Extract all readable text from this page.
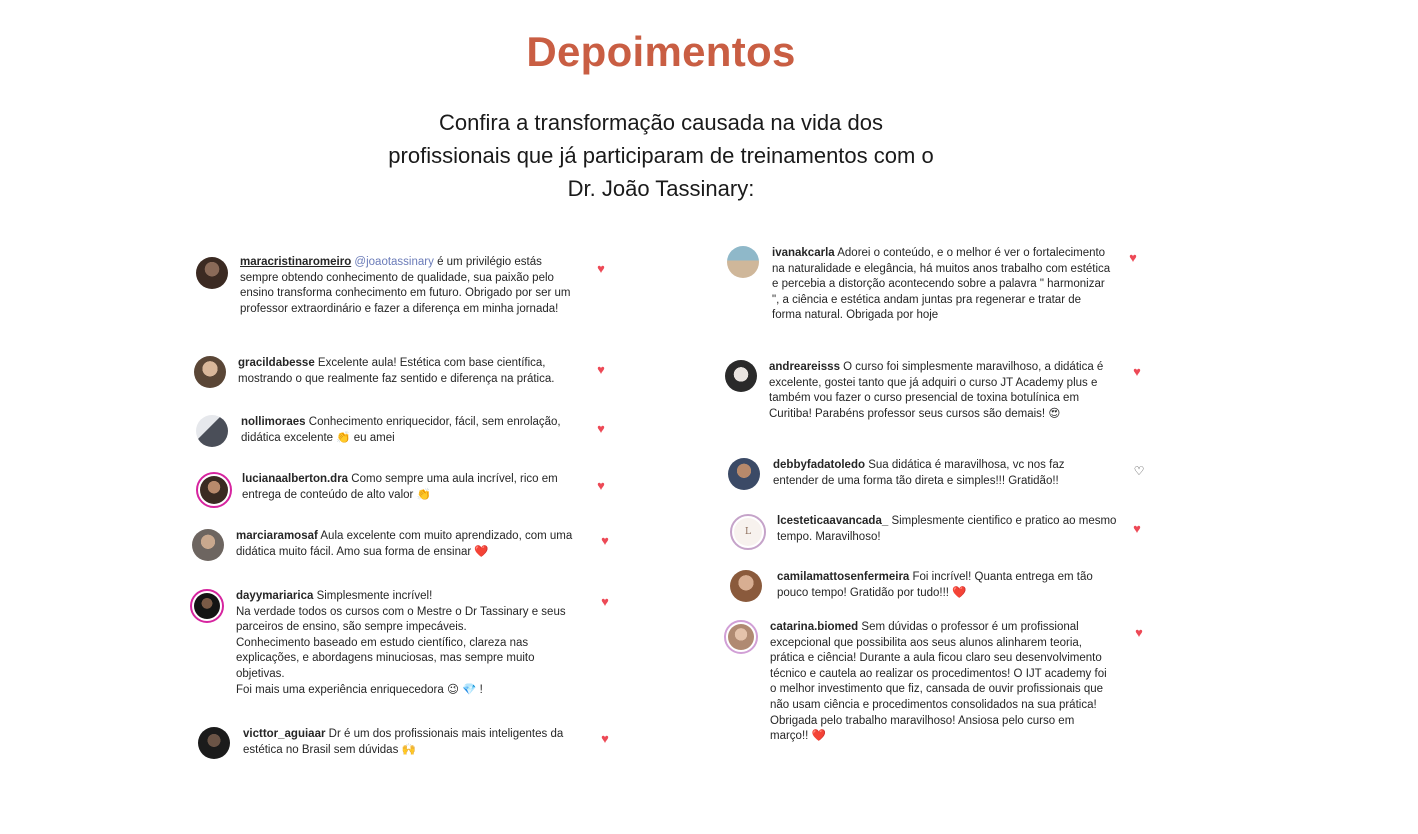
Depoimentos

Confira a transformação causada na vida dos profissionais que já participaram de treinamentos com o Dr. João Tassinary:

maracristinaromeiro @joaotassinary é um privilégio estás sempre obtendo conhecimento de qualidade, sua paixão pelo ensino transforma conhecimento em futuro. Obrigado por ser um professor extraordinário e fazer a diferença em minha jornada!
♥
gracildabesse Excelente aula! Estética com base científica, mostrando o que realmente faz sentido e diferença na prática.
♥
nollimoraes Conhecimento enriquecidor, fácil, sem enrolação, didática excelente 👏 eu amei
♥
lucianaalberton.dra Como sempre uma aula incrível, rico em entrega de conteúdo de alto valor 👏
♥
marciaramosaf Aula excelente com muito aprendizado, com uma didática muito fácil. Amo sua forma de ensinar ❤️
♥
dayymariarica Simplesmente incrível!
Na verdade todos os cursos com o Mestre o Dr Tassinary e seus parceiros de ensino, são sempre impecáveis.
Conhecimento baseado em estudo científico, clareza nas explicações, e abordagens minuciosas, mas sempre muito objetivas.
Foi mais uma experiência enriquecedora 😉 💎 !
♥
victtor_aguiaar Dr é um dos profissionais mais inteligentes da estética no Brasil sem dúvidas 🙌
♥
ivanakcarla Adorei o conteúdo, e o melhor é ver o fortalecimento na naturalidade e elegância, há muitos anos trabalho com estética e percebia a distorção acontecendo sobre a palavra " harmonizar ", a ciência e estética andam juntas pra regenerar e tratar de forma natural. Obrigada por hoje
♥
andreareisss O curso foi simplesmente maravilhoso, a didática é excelente, gostei tanto que já adquiri o curso JT Academy plus e também vou fazer o curso presencial de toxina botulínica em Curitiba! Parabéns professor seus cursos são demais! 😍
♥
debbyfadatoledo Sua didática é maravilhosa, vc nos faz entender de uma forma tão direta e simples!!! Gratidão!!
♡
L
lcesteticaavancada_ Simplesmente cientifico e pratico ao mesmo tempo. Maravilhoso!
♥
camilamattosenfermeira Foi incrível! Quanta entrega em tão pouco tempo! Gratidão por tudo!!! ❤️
catarina.biomed Sem dúvidas o professor é um profissional excepcional que possibilita aos seus alunos alinharem teoria, prática e ciência! Durante a aula ficou claro seu desenvolvimento técnico e cautela ao realizar os procedimentos! O IJT academy foi o melhor investimento que fiz, cansada de ouvir profissionais que não usam ciência e procedimentos consolidados na sua prática! Obrigada pelo trabalho maravilhoso! Ansiosa pelo curso em março!! ❤️
♥
